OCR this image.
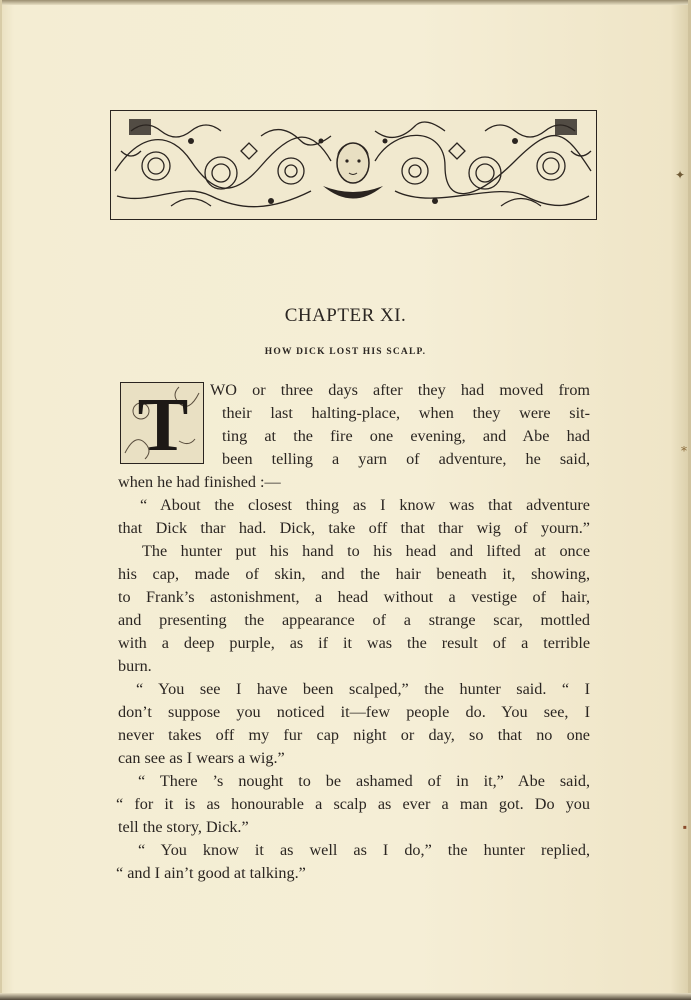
CHAPTER XI.
HOW DICK LOST HIS SCALP.
T	WO or three days after they had moved from
their last halting-place, when they were sit-
ting at the fire one evening, and Abe had
been telling a yarn of adventure, he said,
when he had finished :—
“ About the closest thing as I know was that adventure
that Dick thar had. Dick, take off that thar wig of yourn.”
The hunter put his hand to his head and lifted at once
his cap, made of skin, and the hair beneath it, showing,
to Frank’s astonishment, a head without a vestige of hair,
and presenting the appearance of a strange scar, mottled
with a deep purple, as if it was the result of a terrible
burn.
“ You see I have been scalped,” the hunter said. “ I
don’t suppose you noticed it—few people do. You see, I
never takes off my fur cap night or day, so that no one
can see as I wears a wig.”
“ There ’s nought to be ashamed of in it,” Abe said,
“ for it is as honourable a scalp as ever a man got. Do you
tell the story, Dick.”
“ You know it as well as I do,” the hunter replied,
“ and I ain’t good at talking.”
✦
⁎
▪
